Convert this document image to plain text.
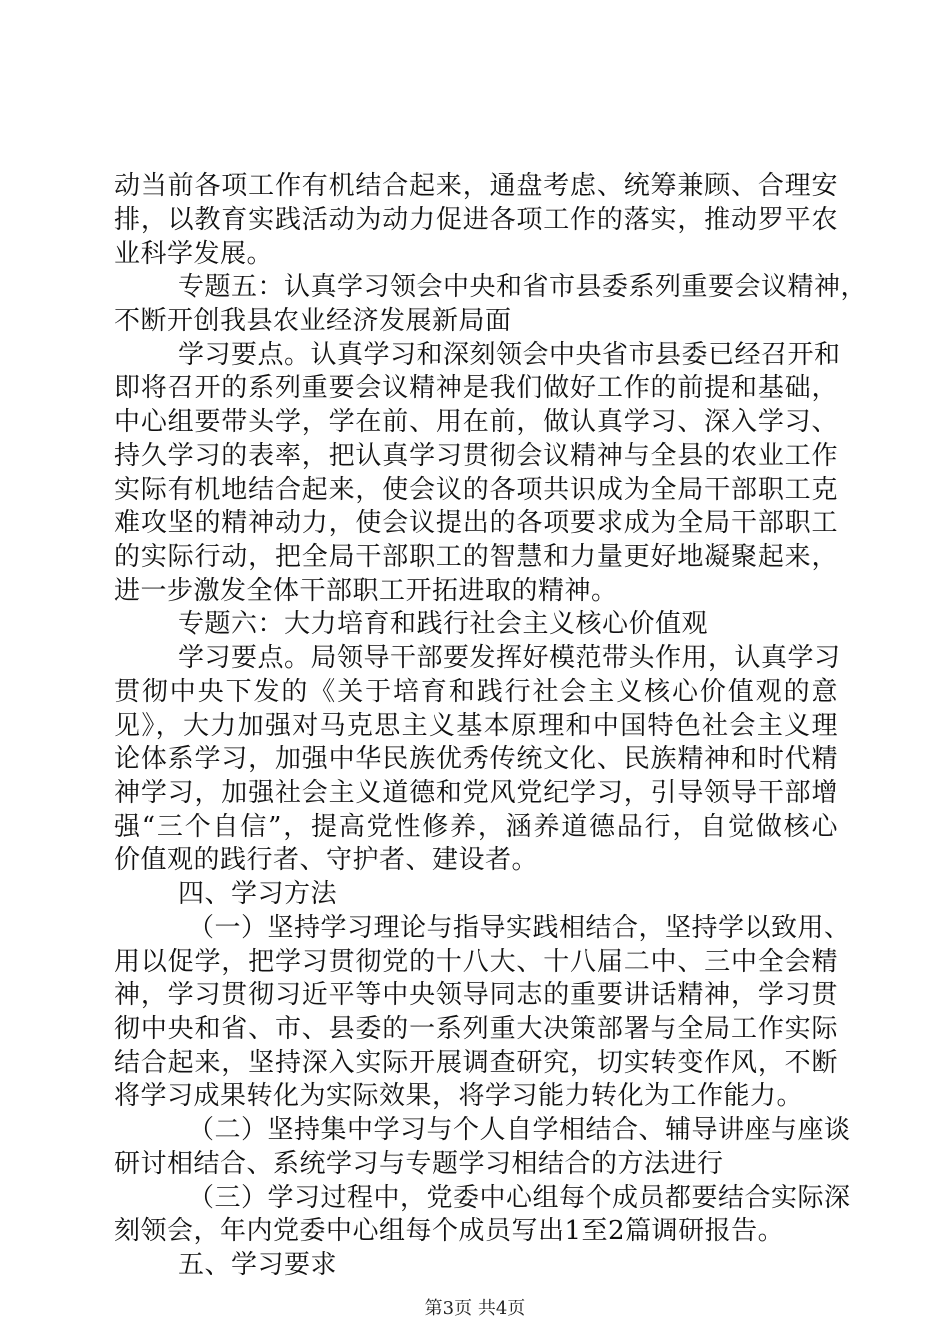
动当前各项工作有机结合起来，通盘考虑、统筹兼顾、合理安
排，以教育实践活动为动力促进各项工作的落实，推动罗平农
业科学发展。
专题五：认真学习领会中央和省市县委系列重要会议精神，
不断开创我县农业经济发展新局面
学习要点。认真学习和深刻领会中央省市县委已经召开和
即将召开的系列重要会议精神是我们做好工作的前提和基础，
中心组要带头学，学在前、用在前，做认真学习、深入学习、
持久学习的表率，把认真学习贯彻会议精神与全县的农业工作
实际有机地结合起来，使会议的各项共识成为全局干部职工克
难攻坚的精神动力，使会议提出的各项要求成为全局干部职工
的实际行动，把全局干部职工的智慧和力量更好地凝聚起来，
进一步激发全体干部职工开拓进取的精神。
专题六：大力培育和践行社会主义核心价值观
学习要点。局领导干部要发挥好模范带头作用，认真学习
贯彻中央下发的《关于培育和践行社会主义核心价值观的意
见》，大力加强对马克思主义基本原理和中国特色社会主义理
论体系学习，加强中华民族优秀传统文化、民族精神和时代精
神学习，加强社会主义道德和党风党纪学习，引导领导干部增
强“三个自信”，提高党性修养，涵养道德品行，自觉做核心
价值观的践行者、守护者、建设者。
四、学习方法
（一）坚持学习理论与指导实践相结合，坚持学以致用、
用以促学，把学习贯彻党的十八大、十八届二中、三中全会精
神，学习贯彻习近平等中央领导同志的重要讲话精神，学习贯
彻中央和省、市、县委的一系列重大决策部署与全局工作实际
结合起来，坚持深入实际开展调查研究，切实转变作风，不断
将学习成果转化为实际效果，将学习能力转化为工作能力。
（二）坚持集中学习与个人自学相结合、辅导讲座与座谈
研讨相结合、系统学习与专题学习相结合的方法进行
（三）学习过程中，党委中心组每个成员都要结合实际深
刻领会，年内党委中心组每个成员写出1至2篇调研报告。
五、学习要求
第3页 共4页
